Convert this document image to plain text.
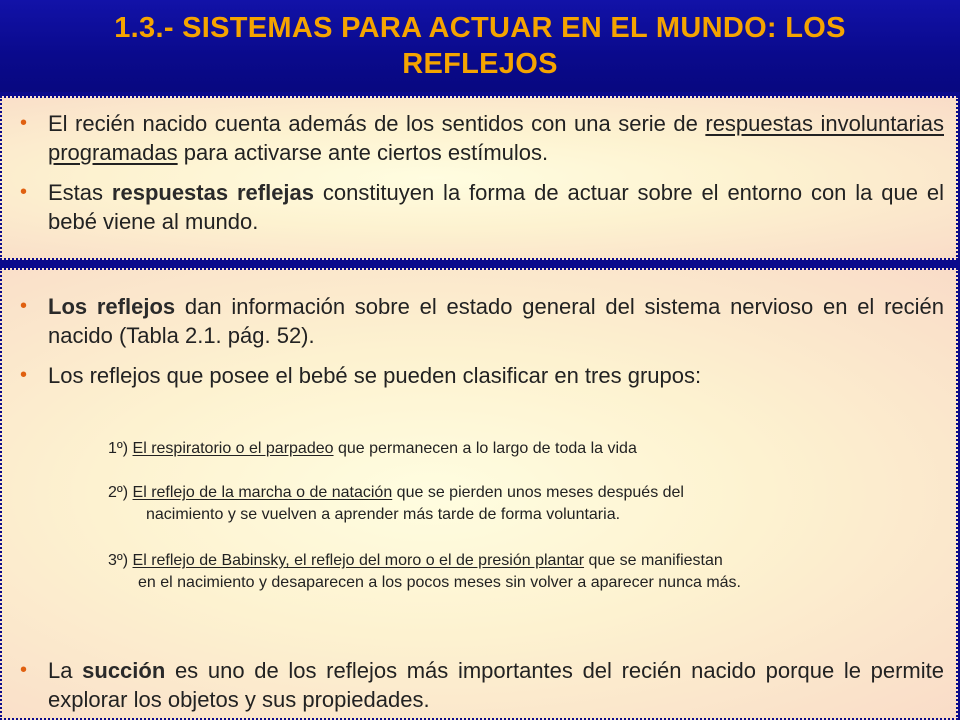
1.3.- SISTEMAS PARA ACTUAR EN EL MUNDO: LOS REFLEJOS
• El recién nacido cuenta además de los sentidos con una serie de respuestas involuntarias programadas para activarse ante ciertos estímulos.
• Estas respuestas reflejas constituyen la forma de actuar sobre el entorno con la que el bebé viene al mundo.
• Los reflejos dan información sobre el estado general del sistema nervioso en el recién nacido (Tabla 2.1. pág. 52).
• Los reflejos que posee el bebé se pueden clasificar en tres grupos:
1º) El respiratorio o el parpadeo que permanecen a lo largo de toda la vida
2º) El reflejo de la marcha o de natación que se pierden unos meses después del
nacimiento y se vuelven a aprender más tarde de forma voluntaria.
3º) El reflejo de Babinsky, el reflejo del moro o el de presión plantar que se manifiestan
en el nacimiento y desaparecen a los pocos meses sin volver a aparecer nunca más.
• La succión es uno de los reflejos más importantes del recién nacido porque le permite explorar los objetos y sus propiedades.
